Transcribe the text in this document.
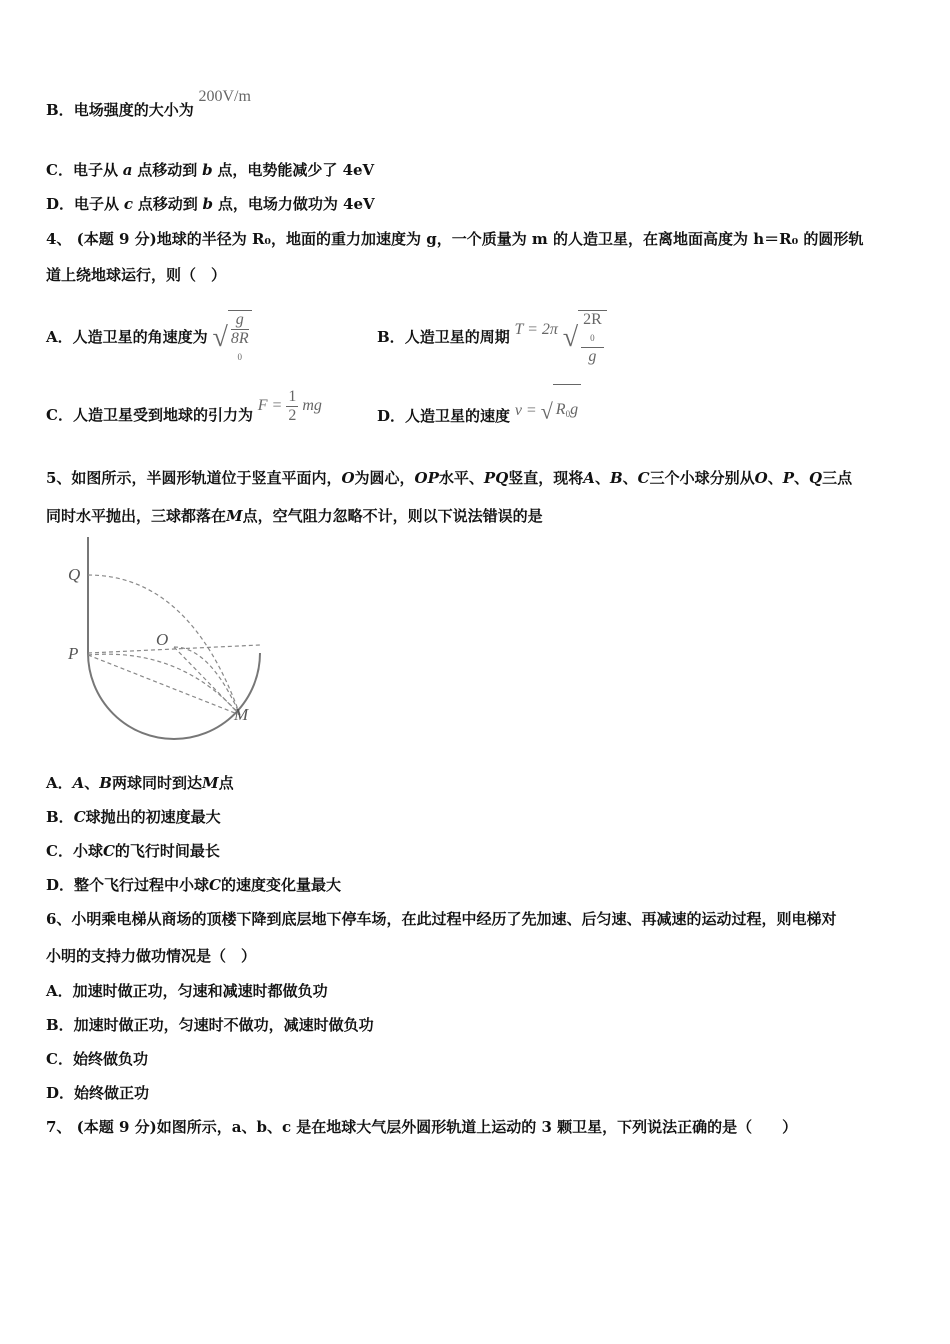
B．电场强度的大小为 200V/m
C．电子从 a 点移动到 b 点，电势能减少了 4eV
D．电子从 c 点移动到 b 点，电场力做功为 4eV
4、 (本题 9 分)地球的半径为 R₀，地面的重力加速度为 g，一个质量为 m 的人造卫星，在离地面高度为 h＝R₀ 的圆形轨
道上绕地球运行，则（　）
A．人造卫星的角速度为 √ g
8R
0	B．人造卫星的周期 T = 2π √ 2R
0
g
C．人造卫星受到地球的引力为 $F = \frac{1}{2}$ mg
D．人造卫星的速度 v = √ $R_0g$
5、如图所示，半圆形轨道位于竖直平面内，O为圆心，OP水平、PQ竖直，现将A、B、C三个小球分别从O、P、Q三点
同时水平抛出，三球都落在M点，空气阻力忽略不计，则以下说法错误的是
Q
P
O
M
A．A、B两球同时到达M点
B．C球抛出的初速度最大
C．小球C的飞行时间最长
D．整个飞行过程中小球C的速度变化量最大
6、小明乘电梯从商场的顶楼下降到底层地下停车场，在此过程中经历了先加速、后匀速、再减速的运动过程，则电梯对
小明的支持力做功情况是（　）
A．加速时做正功，匀速和减速时都做负功
B．加速时做正功，匀速时不做功，减速时做负功
C．始终做负功
D．始终做正功
7、 (本题 9 分)如图所示，a、b、c 是在地球大气层外圆形轨道上运动的 3 颗卫星，下列说法正确的是（　　）
